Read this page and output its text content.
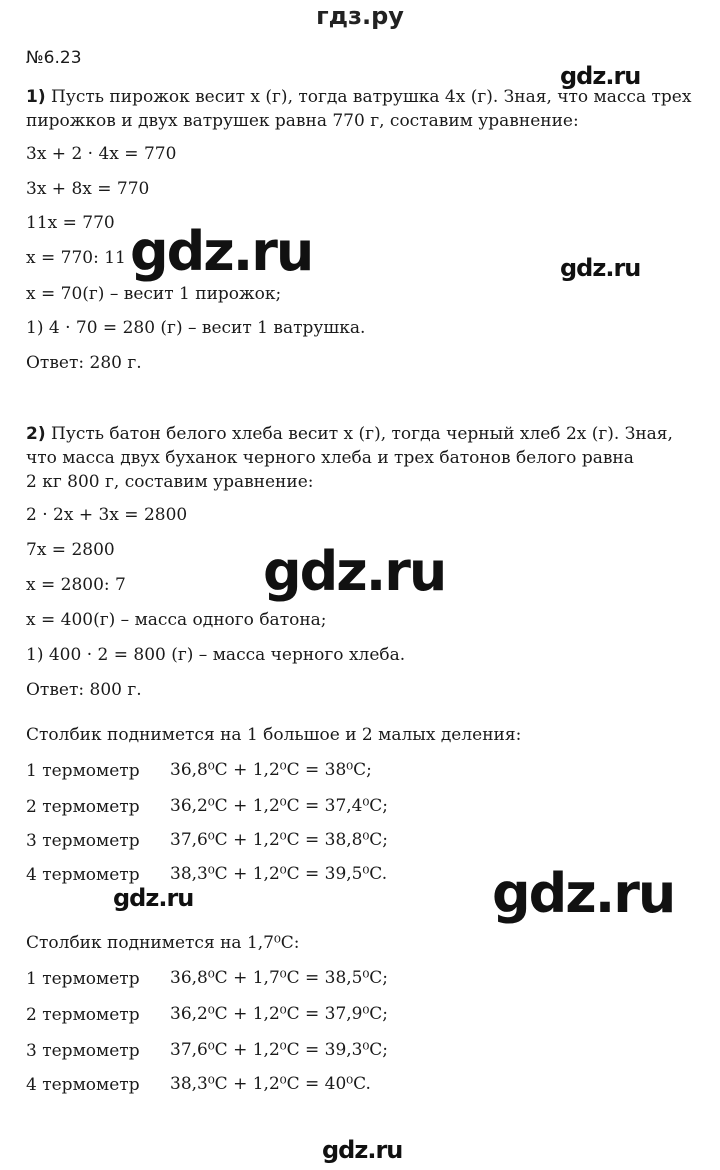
гдз.ру
№6.23
gdz.ru
gdz.ru	gdz.ru
gdz.ru
gdz.ru	gdz.ru
gdz.ru
1) Пусть пирожок весит x (г), тогда ватрушка 4x (г). Зная, что масса трех
пирожков и двух ватрушек равна 770 г, составим уравнение:
3x + 2 · 4x = 770
3x + 8x = 770
11x = 770
x = 770: 11
x = 70(г) – весит 1 пирожок;
1) 4 · 70 = 280 (г) – весит 1 ватрушка.
Ответ: 280 г.
2) Пусть батон белого хлеба весит x (г), тогда черный хлеб 2x (г). Зная,
что масса двух буханок черного хлеба и трех батонов белого равна
2 кг 800 г, составим уравнение:
2 · 2x + 3x = 2800
7x = 2800
x = 2800: 7
x = 400(г) – масса одного батона;
1) 400 · 2 = 800 (г) – масса черного хлеба.
Ответ: 800 г.
Столбик поднимется на 1 большое и 2 малых деления:
1 термометр	36,8⁰C + 1,2⁰C = 38⁰C;
2 термометр	36,2⁰C + 1,2⁰C = 37,4⁰C;
3 термометр	37,6⁰C + 1,2⁰C = 38,8⁰C;
4 термометр	38,3⁰C + 1,2⁰C = 39,5⁰C.
Столбик поднимется на 1,7⁰C:
1 термометр	36,8⁰C + 1,7⁰C = 38,5⁰C;
2 термометр	36,2⁰C + 1,2⁰C = 37,9⁰C;
3 термометр	37,6⁰C + 1,2⁰C = 39,3⁰C;
4 термометр	38,3⁰C + 1,2⁰C = 40⁰C.
